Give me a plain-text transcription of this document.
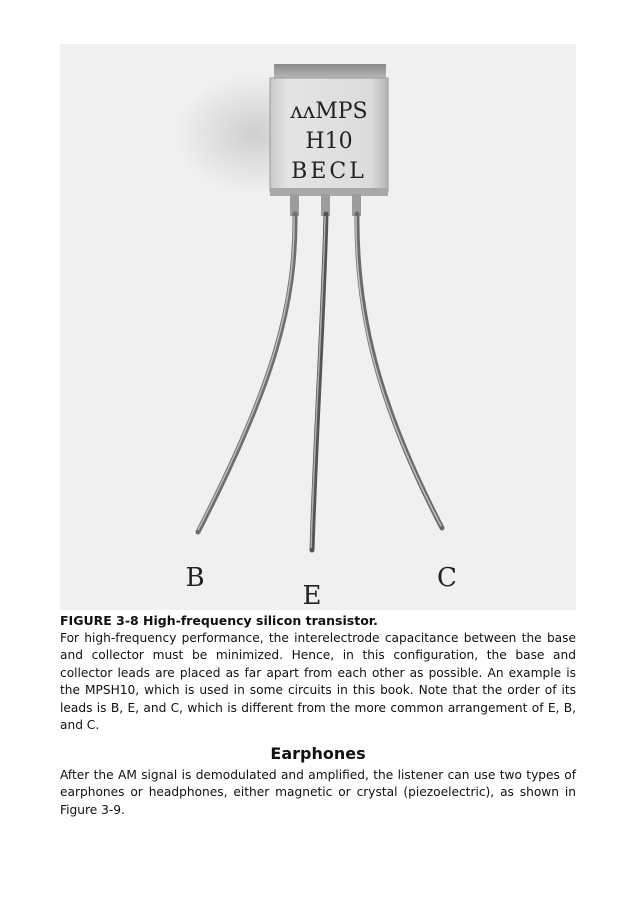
ʌʌMPS
H10
BECL
B
E
C
FIGURE 3-8 High-frequency silicon transistor.

For high-frequency performance, the interelectrode capacitance between the base and collector must be minimized. Hence, in this configuration, the base and collector leads are placed as far apart from each other as possible. An example is the MPSH10, which is used in some circuits in this book. Note that the order of its leads is B, E, and C, which is different from the more common arrangement of E, B, and C.

Earphones

After the AM signal is demodulated and amplified, the listener can use two types of earphones or headphones, either magnetic or crystal (piezoelectric), as shown in Figure 3-9.
